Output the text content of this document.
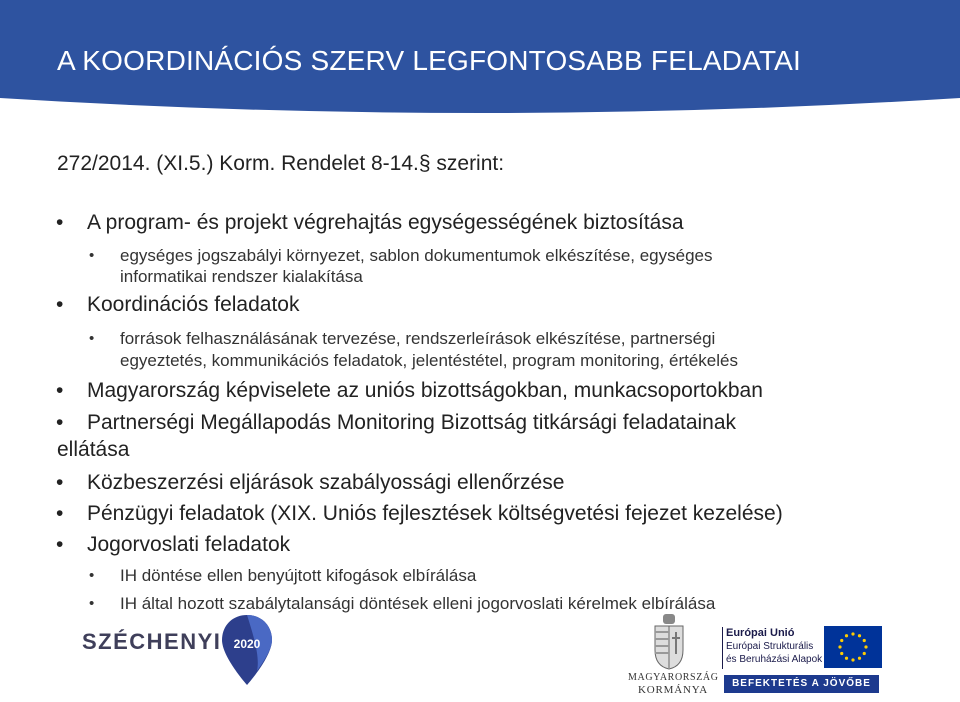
A KOORDINÁCIÓS SZERV LEGFONTOSABB FELADATAI
272/2014. (XI.5.) Korm. Rendelet 8-14.§ szerint:
• A program- és projekt végrehajtás egységességének biztosítása
• egységes jogszabályi környezet, sablon dokumentumok elkészítése, egységes
informatikai rendszer kialakítása
• Koordinációs feladatok
• források felhasználásának tervezése, rendszerleírások elkészítése, partnerségi
egyeztetés, kommunikációs feladatok, jelentéstétel, program monitoring, értékelés
• Magyarország képviselete az uniós bizottságokban, munkacsoportokban
• Partnerségi Megállapodás Monitoring Bizottság titkársági feladatainak
ellátása
• Közbeszerzési eljárások szabályossági ellenőrzése
• Pénzügyi feladatok (XIX. Uniós fejlesztések költségvetési fejezet kezelése)
• Jogorvoslati feladatok
• IH döntése ellen benyújtott kifogások elbírálása
• IH által hozott szabálytalansági döntések elleni jogorvoslati kérelmek elbírálása
SZÉCHENYI	2020
MAGYARORSZÁG
KORMÁNYA
Európai Unió
Európai Strukturális
és Beruházási Alapok
BEFEKTETÉS A JÖVŐBE
